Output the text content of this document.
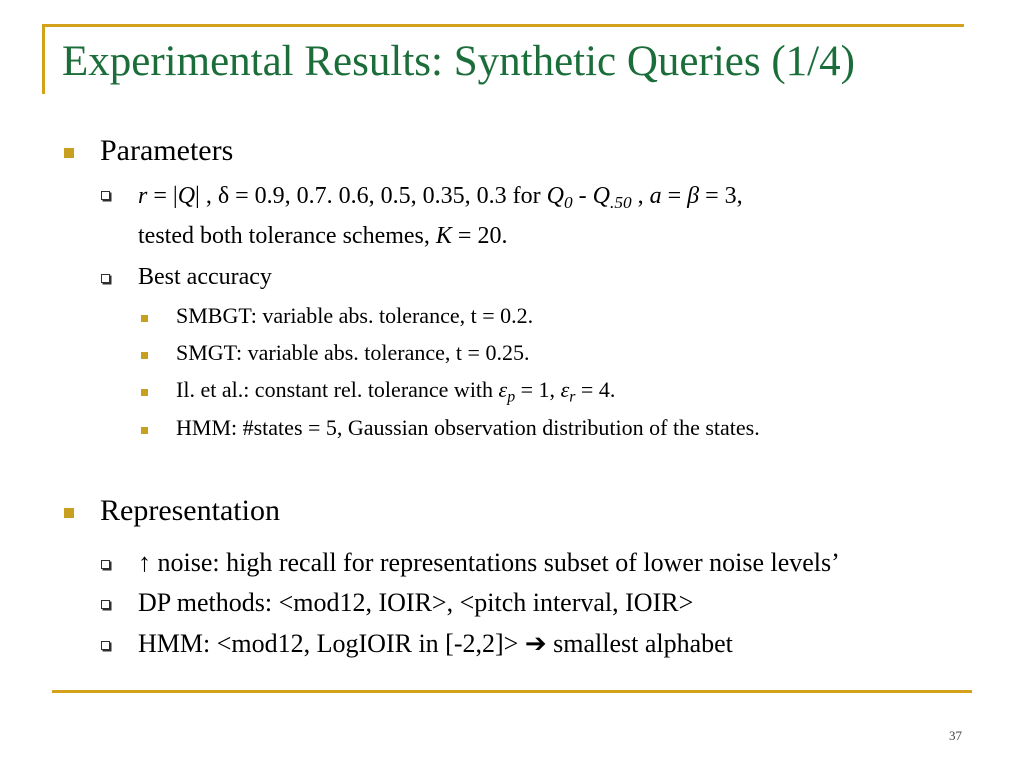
Experimental Results: Synthetic Queries (1/4)
Parameters
r = |Q| , δ = 0.9, 0.7. 0.6, 0.5, 0.35, 0.3 for $Q_0 - Q_{.50}$ , a = β = 3,
tested both tolerance schemes, K = 20.
Best accuracy
SMBGT: variable abs. tolerance, t = 0.2.
SMGT: variable abs. tolerance, t = 0.25.
Il. et al.: constant rel. tolerance with $\varepsilon_p = 1$, $\varepsilon_r = 4$.
HMM: #states = 5, Gaussian observation distribution of the states.
Representation
↑ noise: high recall for representations subset of lower noise levels’
DP methods: <mod12, IOIR>, <pitch interval, IOIR>
HMM: <mod12, LogIOIR in [-2,2]> ➔ smallest alphabet
37
